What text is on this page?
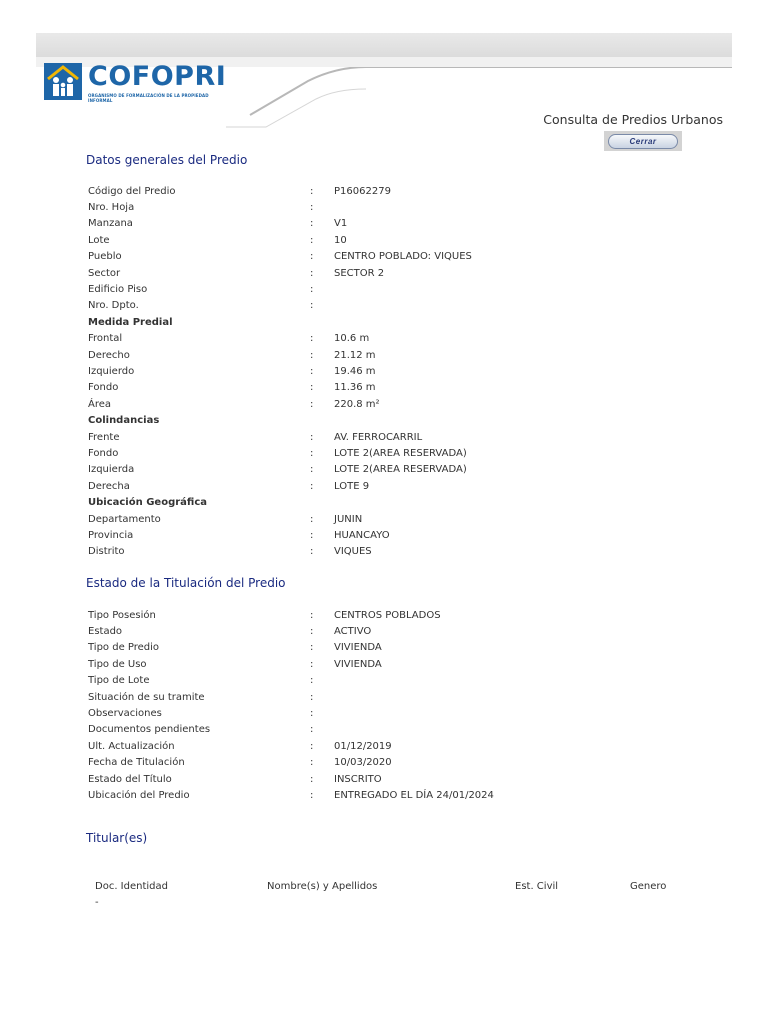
COFOPRI
ORGANISMO DE FORMALIZACIÓN DE LA PROPIEDAD INFORMAL
Consulta de Predios Urbanos
Cerrar
Datos generales del Predio
Código del Predio	:	P16062279
Nro. Hoja	:	
Manzana	:	V1
Lote	:	10
Pueblo	:	CENTRO POBLADO: VIQUES
Sector	:	SECTOR 2
Edificio Piso	:	
Nro. Dpto.	:	
Medida Predial		
Frontal	:	10.6 m
Derecho	:	21.12 m
Izquierdo	:	19.46 m
Fondo	:	11.36 m
Área	:	220.8 m²
Colindancias		
Frente	:	AV. FERROCARRIL
Fondo	:	LOTE 2(AREA RESERVADA)
Izquierda	:	LOTE 2(AREA RESERVADA)
Derecha	:	LOTE 9
Ubicación Geográfica		
Departamento	:	JUNIN
Provincia	:	HUANCAYO
Distrito	:	VIQUES
Estado de la Titulación del Predio
Tipo Posesión	:	CENTROS POBLADOS
Estado	:	ACTIVO
Tipo de Predio	:	VIVIENDA
Tipo de Uso	:	VIVIENDA
Tipo de Lote	:	
Situación de su tramite	:	
Observaciones	:	
Documentos pendientes	:	
Ult. Actualización	:	01/12/2019
Fecha de Titulación	:	10/03/2020
Estado del Título	:	INSCRITO
Ubicación del Predio	:	ENTREGADO EL DÍA 24/01/2024
Titular(es)
Doc. Identidad	Nombre(s) y Apellidos	Est. Civil	Genero
-
